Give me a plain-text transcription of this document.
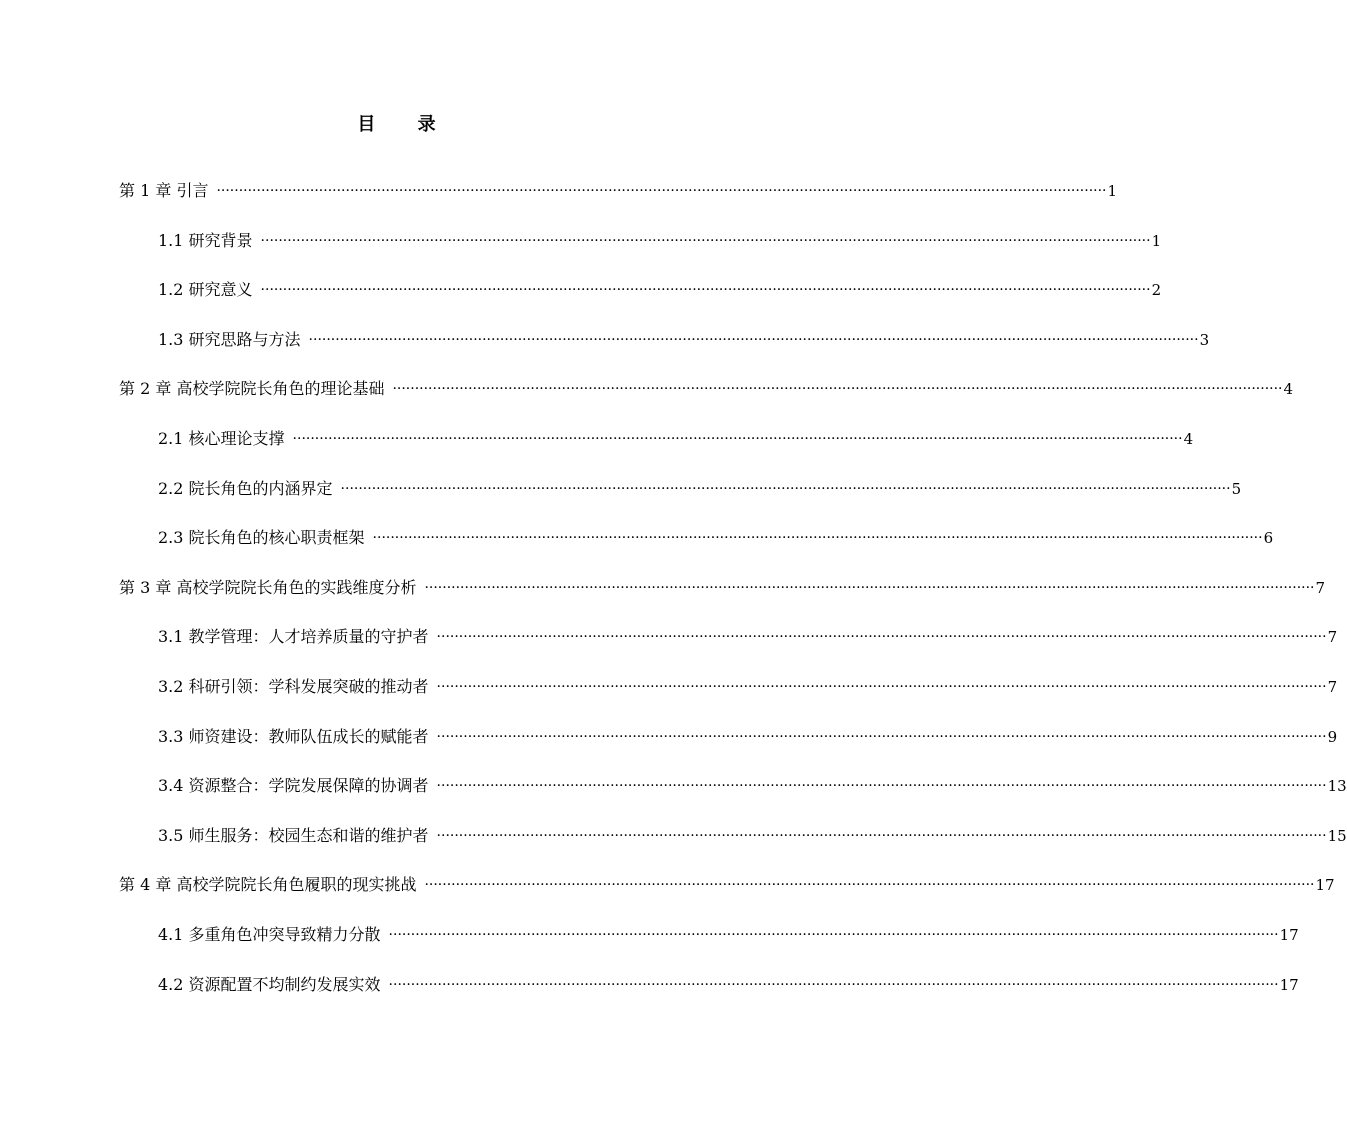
目 录
第 1 章 引言 ········································································································································································································ 1
1.1 研究背景 ········································································································································································································ 1
1.2 研究意义 ········································································································································································································ 2
1.3 研究思路与方法 ········································································································································································································ 3
第 2 章 高校学院院长角色的理论基础 ········································································································································································································ 4
2.1 核心理论支撑 ········································································································································································································ 4
2.2 院长角色的内涵界定 ········································································································································································································ 5
2.3 院长角色的核心职责框架 ········································································································································································································ 6
第 3 章 高校学院院长角色的实践维度分析 ········································································································································································································ 7
3.1 教学管理：人才培养质量的守护者 ········································································································································································································ 7
3.2 科研引领：学科发展突破的推动者 ········································································································································································································ 7
3.3 师资建设：教师队伍成长的赋能者 ········································································································································································································ 9
3.4 资源整合：学院发展保障的协调者 ········································································································································································································ 13
3.5 师生服务：校园生态和谐的维护者 ········································································································································································································ 15
第 4 章 高校学院院长角色履职的现实挑战 ········································································································································································································ 17
4.1 多重角色冲突导致精力分散 ········································································································································································································ 17
4.2 资源配置不均制约发展实效 ········································································································································································································ 17
